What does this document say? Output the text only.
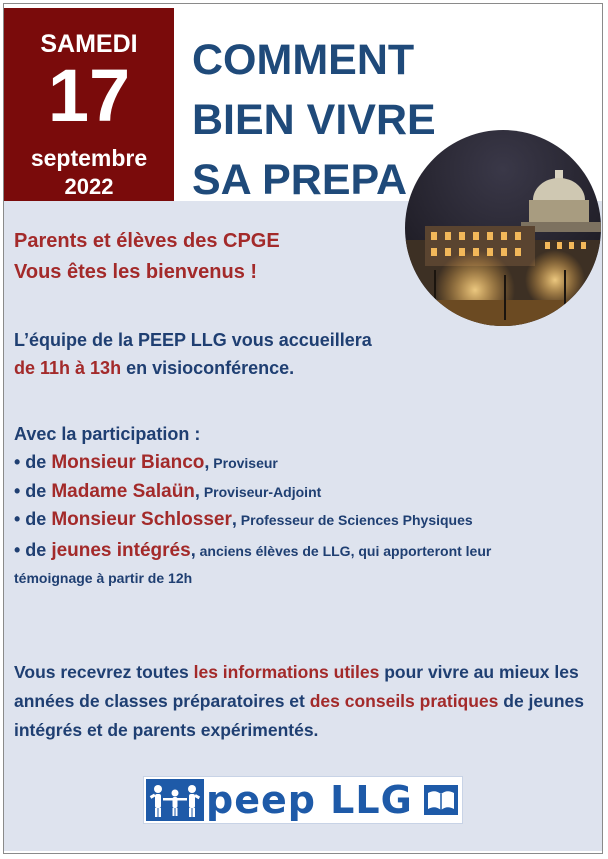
SAMEDI
17
septembre
2022
COMMENT
BIEN VIVRE
SA PREPA
Parents et élèves des CPGE
Vous êtes les bienvenus !
L’équipe de la PEEP LLG vous accueillera
de 11h à 13h en visioconférence.
Avec la participation :
• de Monsieur Bianco, Proviseur
• de Madame Salaün, Proviseur-Adjoint
• de Monsieur Schlosser, Professeur de Sciences Physiques
• de jeunes intégrés, anciens élèves de LLG, qui apporteront leur témoignage à partir de 12h
Vous recevrez toutes les informations utiles pour vivre au mieux les années de classes préparatoires et des conseils pratiques de jeunes intégrés et de parents expérimentés.
peep LLG
